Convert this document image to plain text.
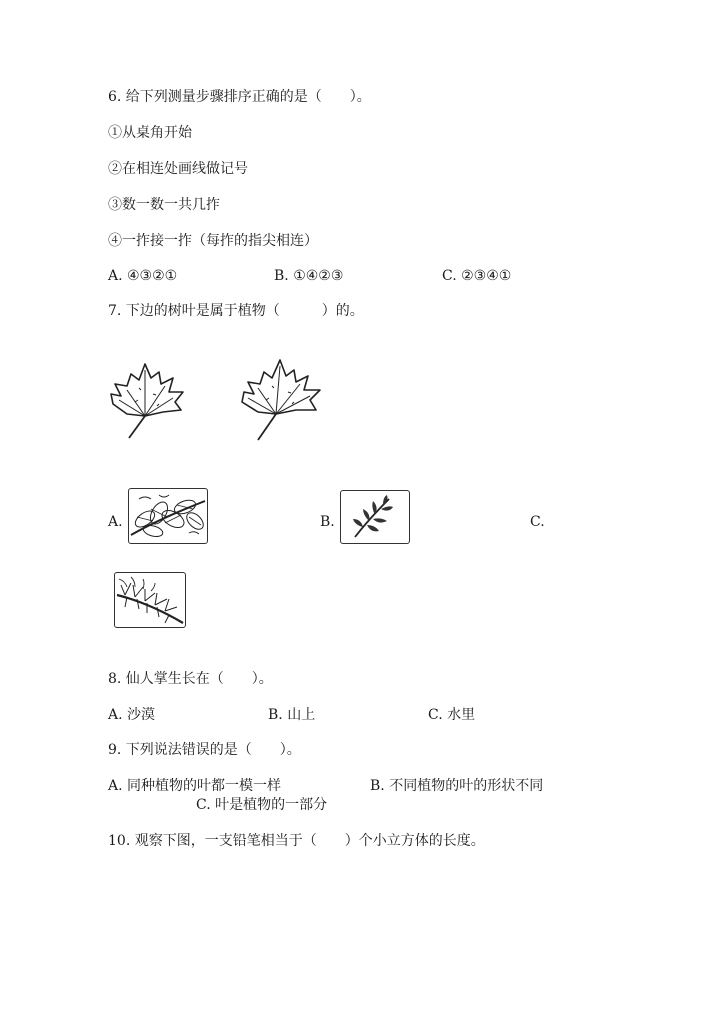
6. 给下列测量步骤排序正确的是（　　）。

①从桌角开始

②在相连处画线做记号

③数一数一共几拃

④一拃接一拃（每拃的指尖相连）

A. ④③②①	B. ①④②③	C. ②③④①

7. 下边的树叶是属于植物（　　　）的。

A.	B.	C.

8. 仙人掌生长在（　　）。

A. 沙漠	B. 山上	C. 水里

9. 下列说法错误的是（　　）。

A. 同种植物的叶都一模一样	B. 不同植物的叶的形状不同

C. 叶是植物的一部分

10. 观察下图，一支铅笔相当于（　　）个小立方体的长度。
